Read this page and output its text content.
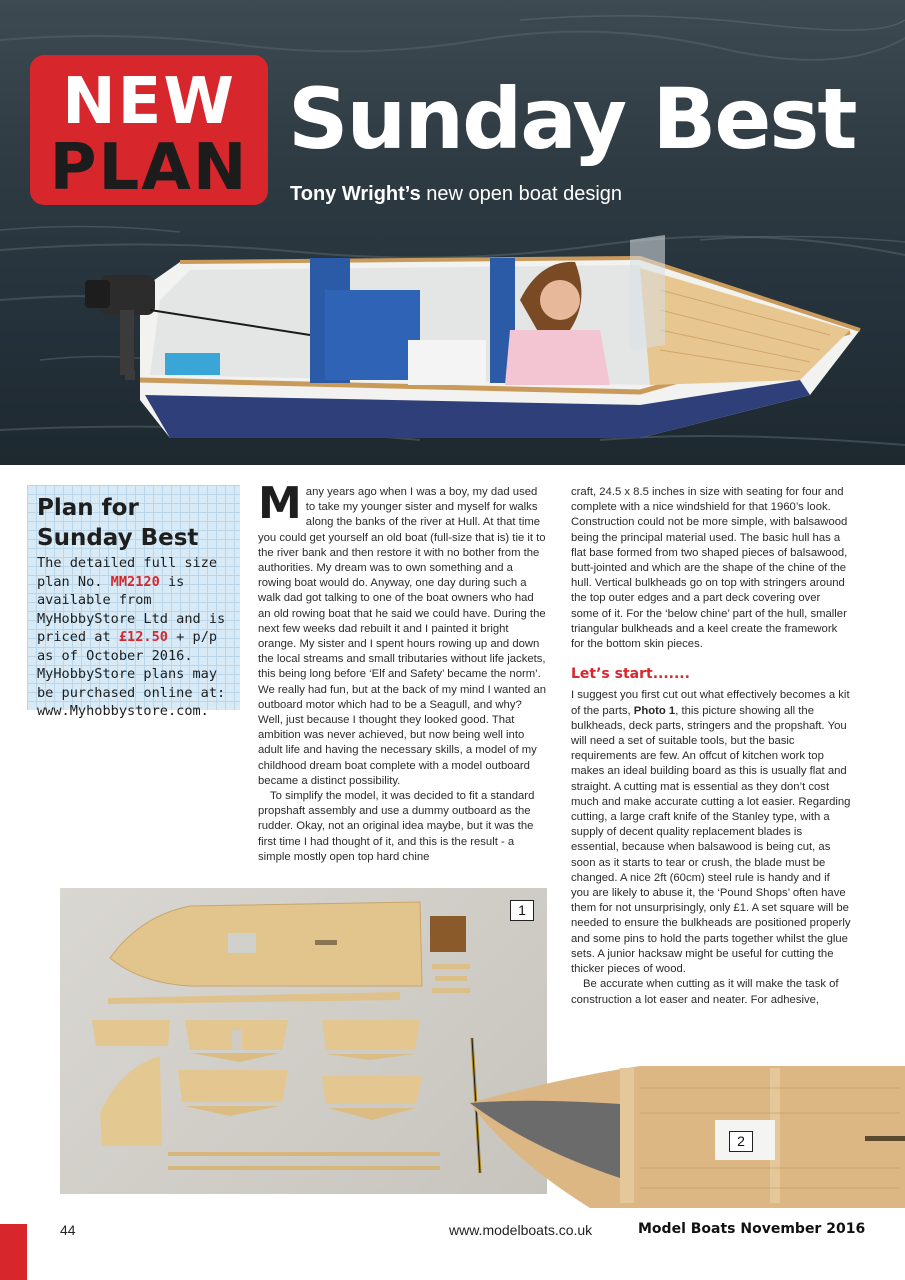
NEW
PLAN Sunday Best
Tony Wright’s new open boat design
Plan for
Sunday Best

The detailed full size plan No. MM2120 is available from MyHobbyStore Ltd and is priced at £12.50 + p/p as of October 2016. MyHobbyStore plans may be purchased online at: www.Myhobbystore.com.

Many years ago when I was a boy, my dad used to take my younger sister and myself for walks along the banks of the river at Hull. At that time you could get yourself an old boat (full-size that is) tie it to the river bank and then restore it with no bother from the authorities. My dream was to own something and a rowing boat would do. Anyway, one day during such a walk dad got talking to one of the boat owners who had an old rowing boat that he said we could have. During the next few weeks dad rebuilt it and I painted it bright orange. My sister and I spent hours rowing up and down the local streams and small tributaries without life jackets, this being long before ‘Elf and Safety’ became the norm’. We really had fun, but at the back of my mind I wanted an outboard motor which had to be a Seagull, and why? Well, just because I thought they looked good. That ambition was never achieved, but now being well into adult life and having the necessary skills, a model of my childhood dream boat complete with a model outboard became a distinct possibility.

To simplify the model, it was decided to fit a standard propshaft assembly and use a dummy outboard as the rudder. Okay, not an original idea maybe, but it was the first time I had thought of it, and this is the result - a simple mostly open top hard chine

craft, 24.5 x 8.5 inches in size with seating for four and complete with a nice windshield for that 1960’s look. Construction could not be more simple, with balsawood being the principal material used. The basic hull has a flat base formed from two shaped pieces of balsawood, butt-jointed and which are the shape of the chine of the hull. Vertical bulkheads go on top with stringers around the top outer edges and a part deck covering over some of it. For the ‘below chine’ part of the hull, smaller triangular bulkheads and a keel create the framework for the bottom skin pieces.

Let’s start.......

I suggest you first cut out what effectively becomes a kit of the parts, Photo 1, this picture showing all the bulkheads, deck parts, stringers and the propshaft. You will need a set of suitable tools, but the basic requirements are few. An offcut of kitchen work top makes an ideal building board as this is usually flat and straight. A cutting mat is essential as they don’t cost much and make accurate cutting a lot easier. Regarding cutting, a large craft knife of the Stanley type, with a supply of decent quality replacement blades is essential, because when balsawood is being cut, as soon as it starts to tear or crush, the blade must be changed. A nice 2ft (60cm) steel rule is handy and if you are likely to abuse it, the ‘Pound Shops’ often have them for not unsurprisingly, only £1. A set square will be needed to ensure the bulkheads are positioned properly and some pins to hold the parts together whilst the glue sets. A junior hacksaw might be useful for cutting the thicker pieces of wood.

Be accurate when cutting as it will make the task of construction a lot easer and neater. For adhesive,

1
2
44	www.modelboats.co.uk	Model Boats November 2016
